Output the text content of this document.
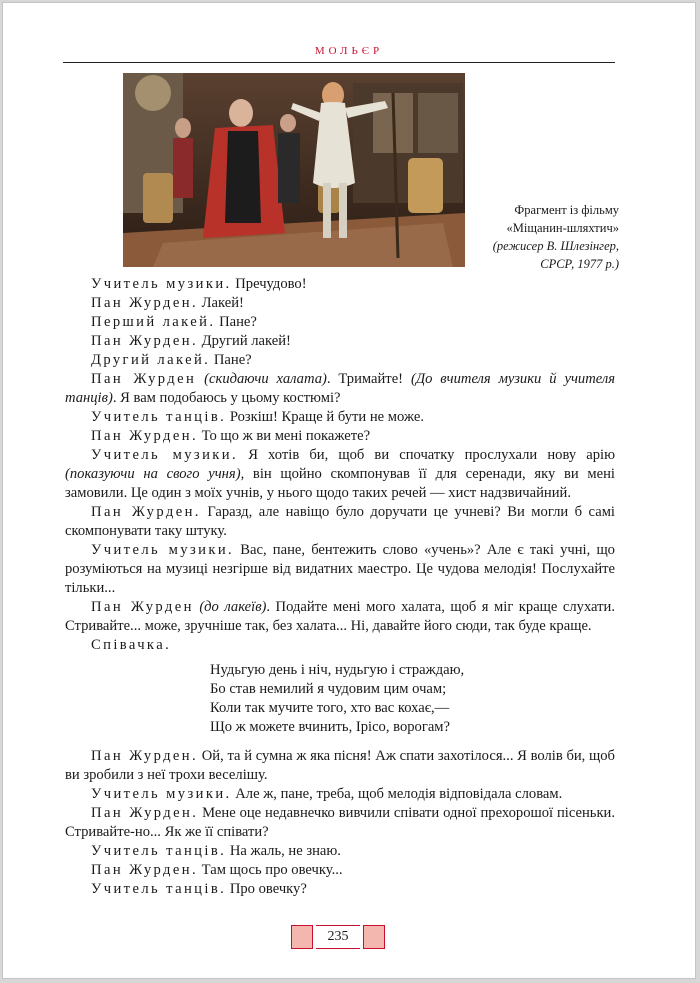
МОЛЬЄР
Фрагмент із фільму
«Міщанин-шляхтич»
(режисер В. Шлезінгер,
СРСР, 1977 р.)

Учитель музики. Пречудово!

Пан Журден. Лакей!

Перший лакей. Пане?

Пан Журден. Другий лакей!

Другий лакей. Пане?

Пан Журден (скидаючи халата). Тримайте! (До вчителя музики й учителя танців). Я вам подобаюсь у цьому костюмі?

Учитель танців. Розкіш! Краще й бути не може.

Пан Журден. То що ж ви мені покажете?

Учитель музики. Я хотів би, щоб ви спочатку прослухали нову арію (показуючи на свого учня), він щойно скомпонував її для серенади, яку ви мені замовили. Це один з моїх учнів, у нього щодо таких речей — хист надзвичайний.

Пан Журден. Гаразд, але навіщо було доручати це учневі? Ви могли б самі скомпонувати таку штуку.

Учитель музики. Вас, пане, бентежить слово «учень»? Але є такі учні, що розуміються на музиці незгірше від видатних маестро. Це чудова мелодія! Послухайте тільки...

Пан Журден (до лакеїв). Подайте мені мого халата, щоб я міг краще слухати. Стривайте... може, зручніше так, без халата... Ні, давайте його сюди, так буде краще.

Співачка.

Нудьгую день і ніч, нудьгую і страждаю,
Бо став немилий я чудовим цим очам;
Коли так мучите того, хто вас кохає,—
Що ж можете вчинить, Ірісо, ворогам?

Пан Журден. Ой, та й сумна ж яка пісня! Аж спати захотілося... Я волів би, щоб ви зробили з неї трохи веселішу.

Учитель музики. Але ж, пане, треба, щоб мелодія відповідала словам.

Пан Журден. Мене оце недавнечко вивчили співати одної прехорошої пісеньки. Стривайте-но... Як же її співати?

Учитель танців. На жаль, не знаю.

Пан Журден. Там щось про овечку...

Учитель танців. Про овечку?

235
